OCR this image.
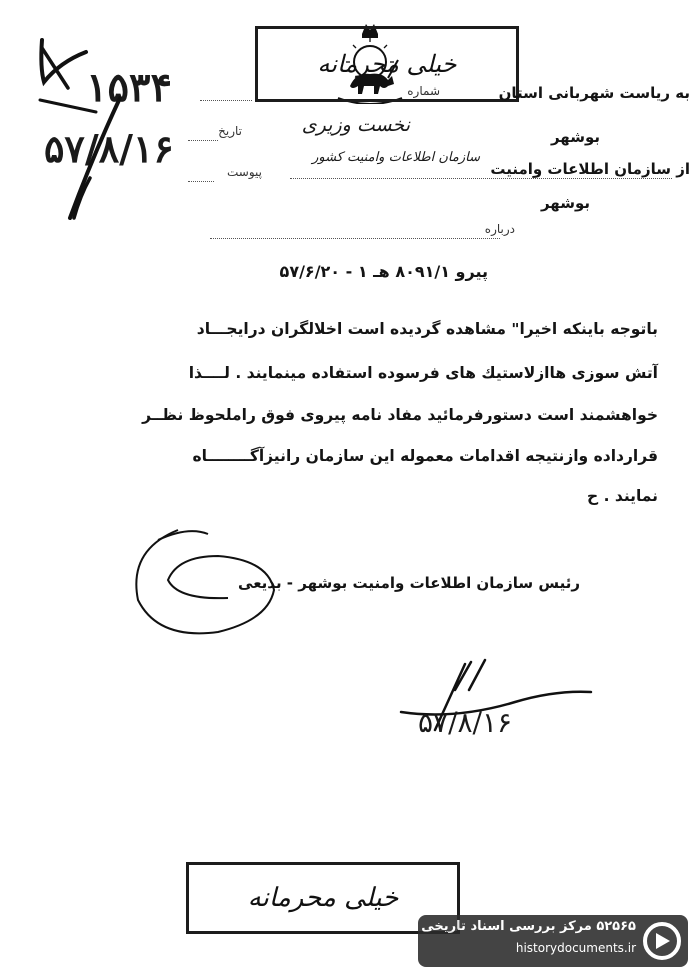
خیلی محرمانه
به ریاست شهربانی استان
شماره
تاریخ
پیوست
بوشهر
نخست وزیری
از سازمان اطلاعات وامنیت
سازمان اطلاعات وامنیت کشور
بوشهر
درباره
۱۵۳۴
۵۷/۸/۱۶
پیرو ۸۰۹۱/۱ هـ ۱ - ۵۷/۶/۲۰
باتوجه باینکه اخیرا" مشاهده گردیده است اخلالگران درایجـــاد
آتش سوزی هاازلاستیك های فرسوده استفاده مینمایند . لــــذا
خواهشمند است دستورفرمائید مفاد نامه پیروی فوق راملحوظ نظــر
قرارداده وازنتیجه اقدامات معموله این سازمان رانیزآگــــــــاه
نمایند . ح
رئیس سازمان اطلاعات وامنیت بوشهر - بدیعی
۵۷/۸/۱۶
خیلی محرمانه
۵۲۵۶۵ مرکز بررسی اسناد تاریخی
historydocuments.ir
